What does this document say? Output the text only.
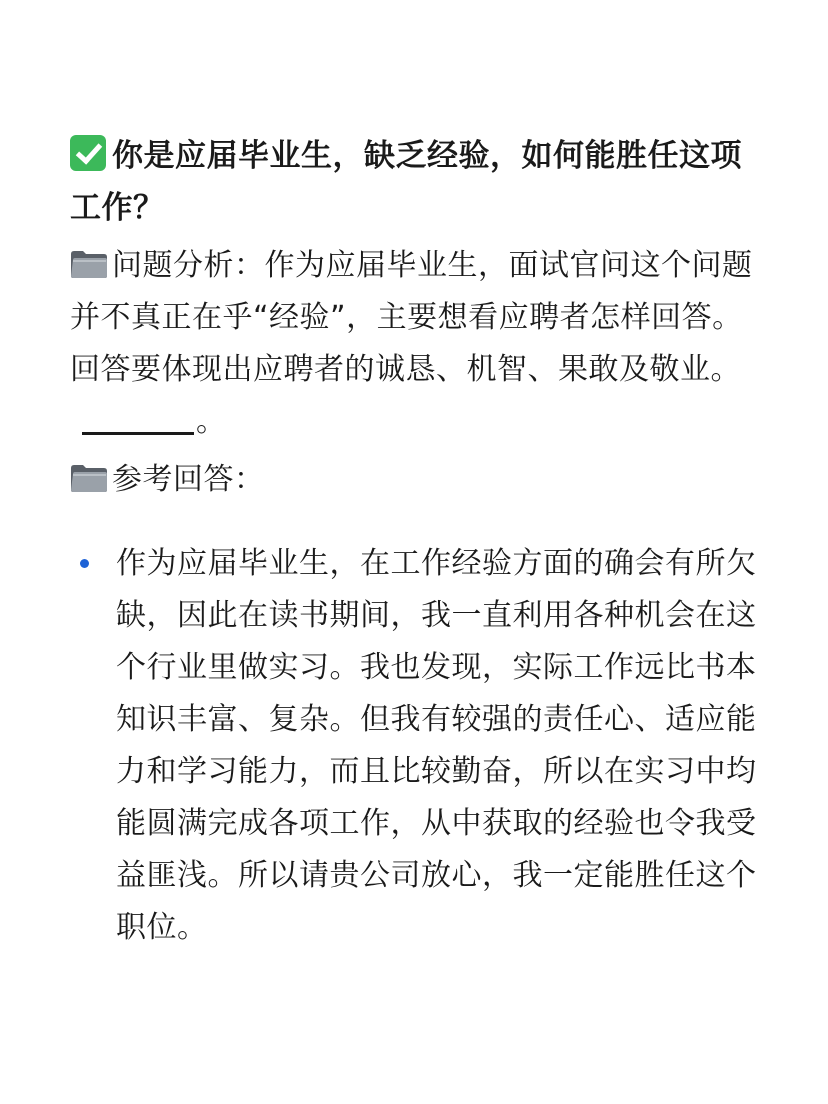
你是应届毕业生，缺乏经验，如何能胜任这项工作？
问题分析：作为应届毕业生，面试官问这个问题并不真正在乎“经验”，主要想看应聘者怎样回答。回答要体现出应聘者的诚恳、机智、果敢及敬业。。
参考回答：
作为应届毕业生，在工作经验方面的确会有所欠缺，因此在读书期间，我一直利用各种机会在这个行业里做实习。我也发现，实际工作远比书本知识丰富、复杂。但我有较强的责任心、适应能力和学习能力，而且比较勤奋，所以在实习中均能圆满完成各项工作，从中获取的经验也令我受益匪浅。所以请贵公司放心，我一定能胜任这个职位。
